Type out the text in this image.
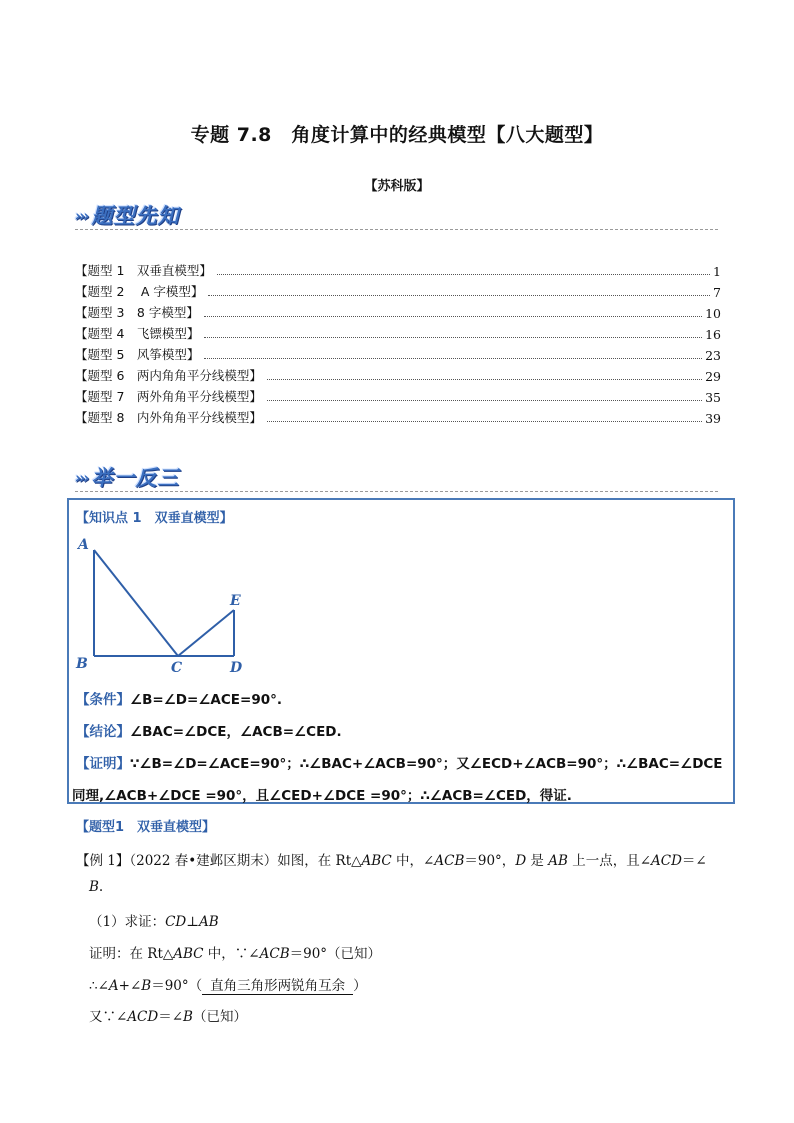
专题 7.8　角度计算中的经典模型【八大题型】
【苏科版】
››› 题型先知
【题型 1　双垂直模型】	1
【题型 2　 A 字模型】	7
【题型 3　8 字模型】	10
【题型 4　飞镖模型】	16
【题型 5　风筝模型】	23
【题型 6　两内角角平分线模型】	29
【题型 7　两外角角平分线模型】	35
【题型 8　内外角角平分线模型】	39
››› 举一反三
【知识点 1　双垂直模型】
A
B	C	D
E
【条件】∠B=∠D=∠ACE=90°.
【结论】∠BAC=∠DCE，∠ACB=∠CED.
【证明】∵∠B=∠D=∠ACE=90°；∴∠BAC+∠ACB=90°；又∠ECD+∠ACB=90°；∴∠BAC=∠DCE
同理,∠ACB+∠DCE =90°，且∠CED+∠DCE =90°；∴∠ACB=∠CED，得证.
【题型1　双垂直模型】
【例 1】（2022 春•建邺区期末）如图，在 Rt△ABC 中，∠ACB＝90°，D 是 AB 上一点，且∠ACD＝∠
B.
（1）求证：CD⊥AB
证明：在 Rt△ABC 中，∵∠ACB＝90°（已知）
∴∠A+∠B＝90°（ 直角三角形两锐角互余 ）
又∵∠ACD＝∠B（已知）
